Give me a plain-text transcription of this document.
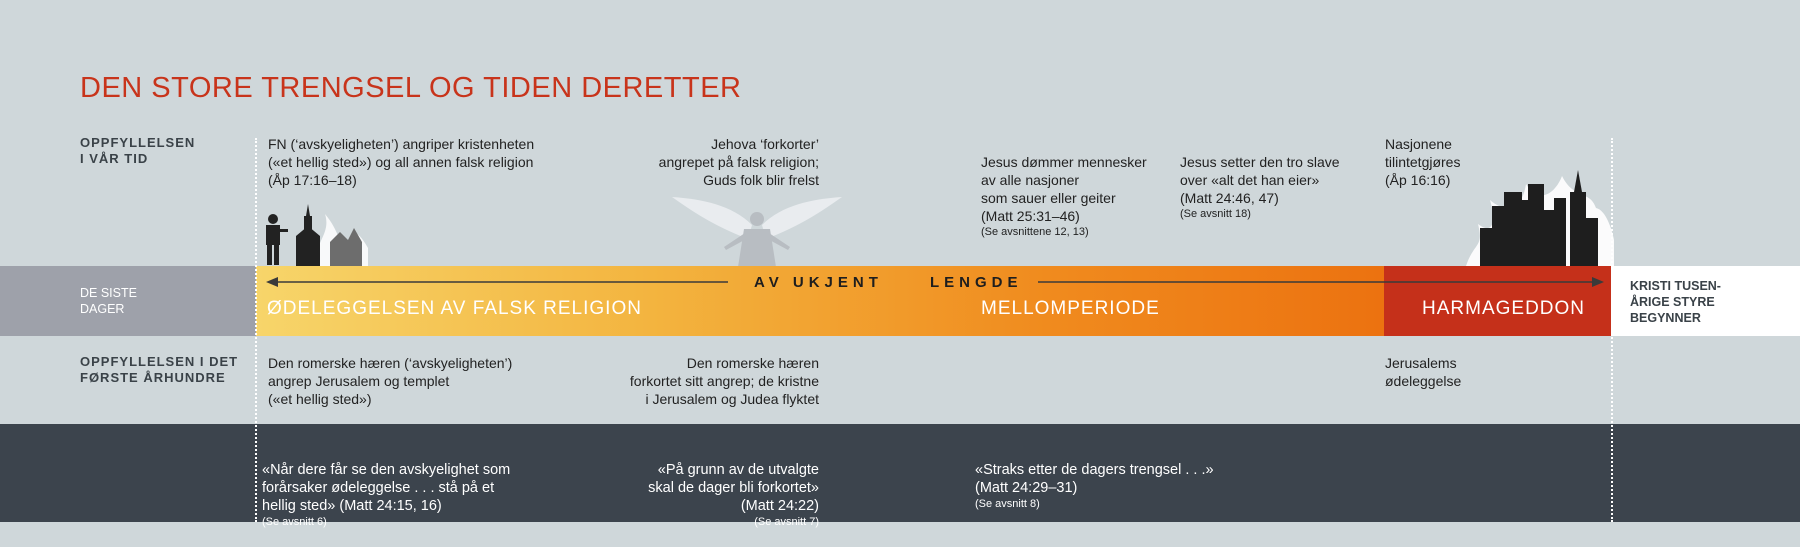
DEN STORE TRENGSEL OG TIDEN DERETTER
OPPFYLLELSEN
I VÅR TID
FN (‘avskyeligheten’) angriper kristenheten
(«et hellig sted») og all annen falsk religion
(Åp 17:16–18)
Jehova ‘forkorter’
angrepet på falsk religion;
Guds folk blir frelst

Jesus dømmer mennesker
av alle nasjoner
som sauer eller geiter
(Matt 25:31–46)

(Se avsnittene 12, 13)

Jesus setter den tro slave
over «alt det han eier»
(Matt 24:46, 47)

(Se avsnitt 18)

Nasjonene
tilintetgjøres
(Åp 16:16)
DE SISTE
DAGER	ØDELEGGELSEN AV FALSK RELIGION	MELLOMPERIODE	HARMAGEDDON
KRISTI TUSEN-
ÅRIGE STYRE
BEGYNNER
AV UKJENT	LENGDE
OPPFYLLELSEN I DET
FØRSTE ÅRHUNDRE
Den romerske hæren (‘avskyeligheten’)
angrep Jerusalem og templet
(«et hellig sted»)
Den romerske hæren
forkortet sitt angrep; de kristne
i Jerusalem og Judea flyktet
Jerusalems
ødeleggelse

«Når dere får se den avskyelighet som
forårsaker ødeleggelse . . . stå på et
hellig sted» (Matt 24:15, 16)

(Se avsnitt 6)

«På grunn av de utvalgte
skal de dager bli forkortet»
(Matt 24:22)

(Se avsnitt 7)

«Straks etter de dagers trengsel . . .»
(Matt 24:29–31)

(Se avsnitt 8)
